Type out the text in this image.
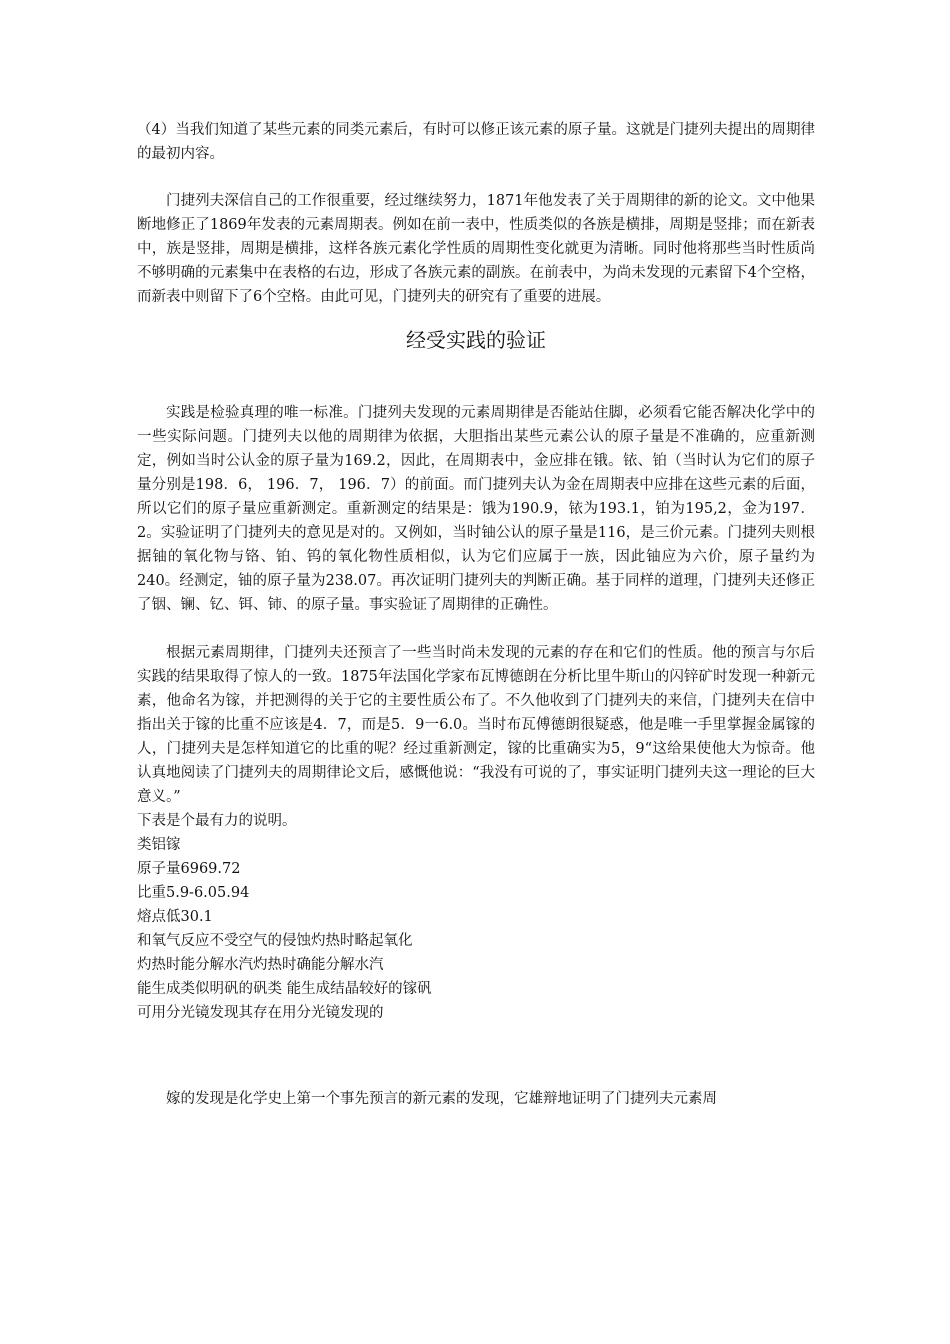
（4）当我们知道了某些元素的同类元素后，有时可以修正该元素的原子量。这就是门捷列夫提出的周期律的最初内容。

门捷列夫深信自己的工作很重要，经过继续努力，1871年他发表了关于周期律的新的论文。文中他果断地修正了1869年发表的元素周期表。例如在前一表中，性质类似的各族是横排，周期是竖排；而在新表中，族是竖排，周期是横排，这样各族元素化学性质的周期性变化就更为清晰。同时他将那些当时性质尚不够明确的元素集中在表格的右边，形成了各族元素的副族。在前表中，为尚未发现的元素留下4个空格，而新表中则留下了6个空格。由此可见，门捷列夫的研究有了重要的进展。

经受实践的验证

实践是检验真理的唯一标准。门捷列夫发现的元素周期律是否能站住脚，必须看它能否解决化学中的一些实际问题。门捷列夫以他的周期律为依据，大胆指出某些元素公认的原子量是不准确的，应重新测定，例如当时公认金的原子量为169.2，因此，在周期表中，金应排在锇。铱、铂（当时认为它们的原子量分别是198．6， 196．7， 196．7）的前面。而门捷列夫认为金在周期表中应排在这些元素的后面，所以它们的原子量应重新测定。重新测定的结果是：饿为190.9，铱为193.1，铂为195,2，金为197．2。实验证明了门捷列夫的意见是对的。又例如，当时铀公认的原子量是116，是三价元素。门捷列夫则根据铀的氧化物与铬、铂、钨的氧化物性质相似，认为它们应属于一族，因此铀应为六价，原子量约为240。经测定，铀的原子量为238.07。再次证明门捷列夫的判断正确。基于同样的道理，门捷列夫还修正了铟、镧、钇、铒、铈、的原子量。事实验证了周期律的正确性。

根据元素周期律，门捷列夫还预言了一些当时尚未发现的元素的存在和它们的性质。他的预言与尔后实践的结果取得了惊人的一致。1875年法国化学家布瓦博德朗在分析比里牛斯山的闪锌矿时发现一种新元素，他命名为镓，并把测得的关于它的主要性质公布了。不久他收到了门捷列夫的来信，门捷列夫在信中指出关于镓的比重不应该是4．7，而是5．9一6.0。当时布瓦傅德朗很疑惑，他是唯一手里掌握金属镓的人，门捷列夫是怎样知道它的比重的呢？经过重新测定，镓的比重确实为5，9“这给果使他大为惊奇。他认真地阅读了门捷列夫的周期律论文后，感慨他说：“我没有可说的了，事实证明门捷列夫这一理论的巨大意义。”

下表是个最有力的说明。
类铝镓
原子量6969.72
比重5.9-6.05.94
熔点低30.1
和氧气反应不受空气的侵蚀灼热时略起氧化
灼热时能分解水汽灼热时确能分解水汽
能生成类似明矾的矾类 能生成结晶较好的镓矾
可用分光镜发现其存在用分光镜发现的

嫁的发现是化学史上第一个事先预言的新元素的发现，它雄辩地证明了门捷列夫元素周
